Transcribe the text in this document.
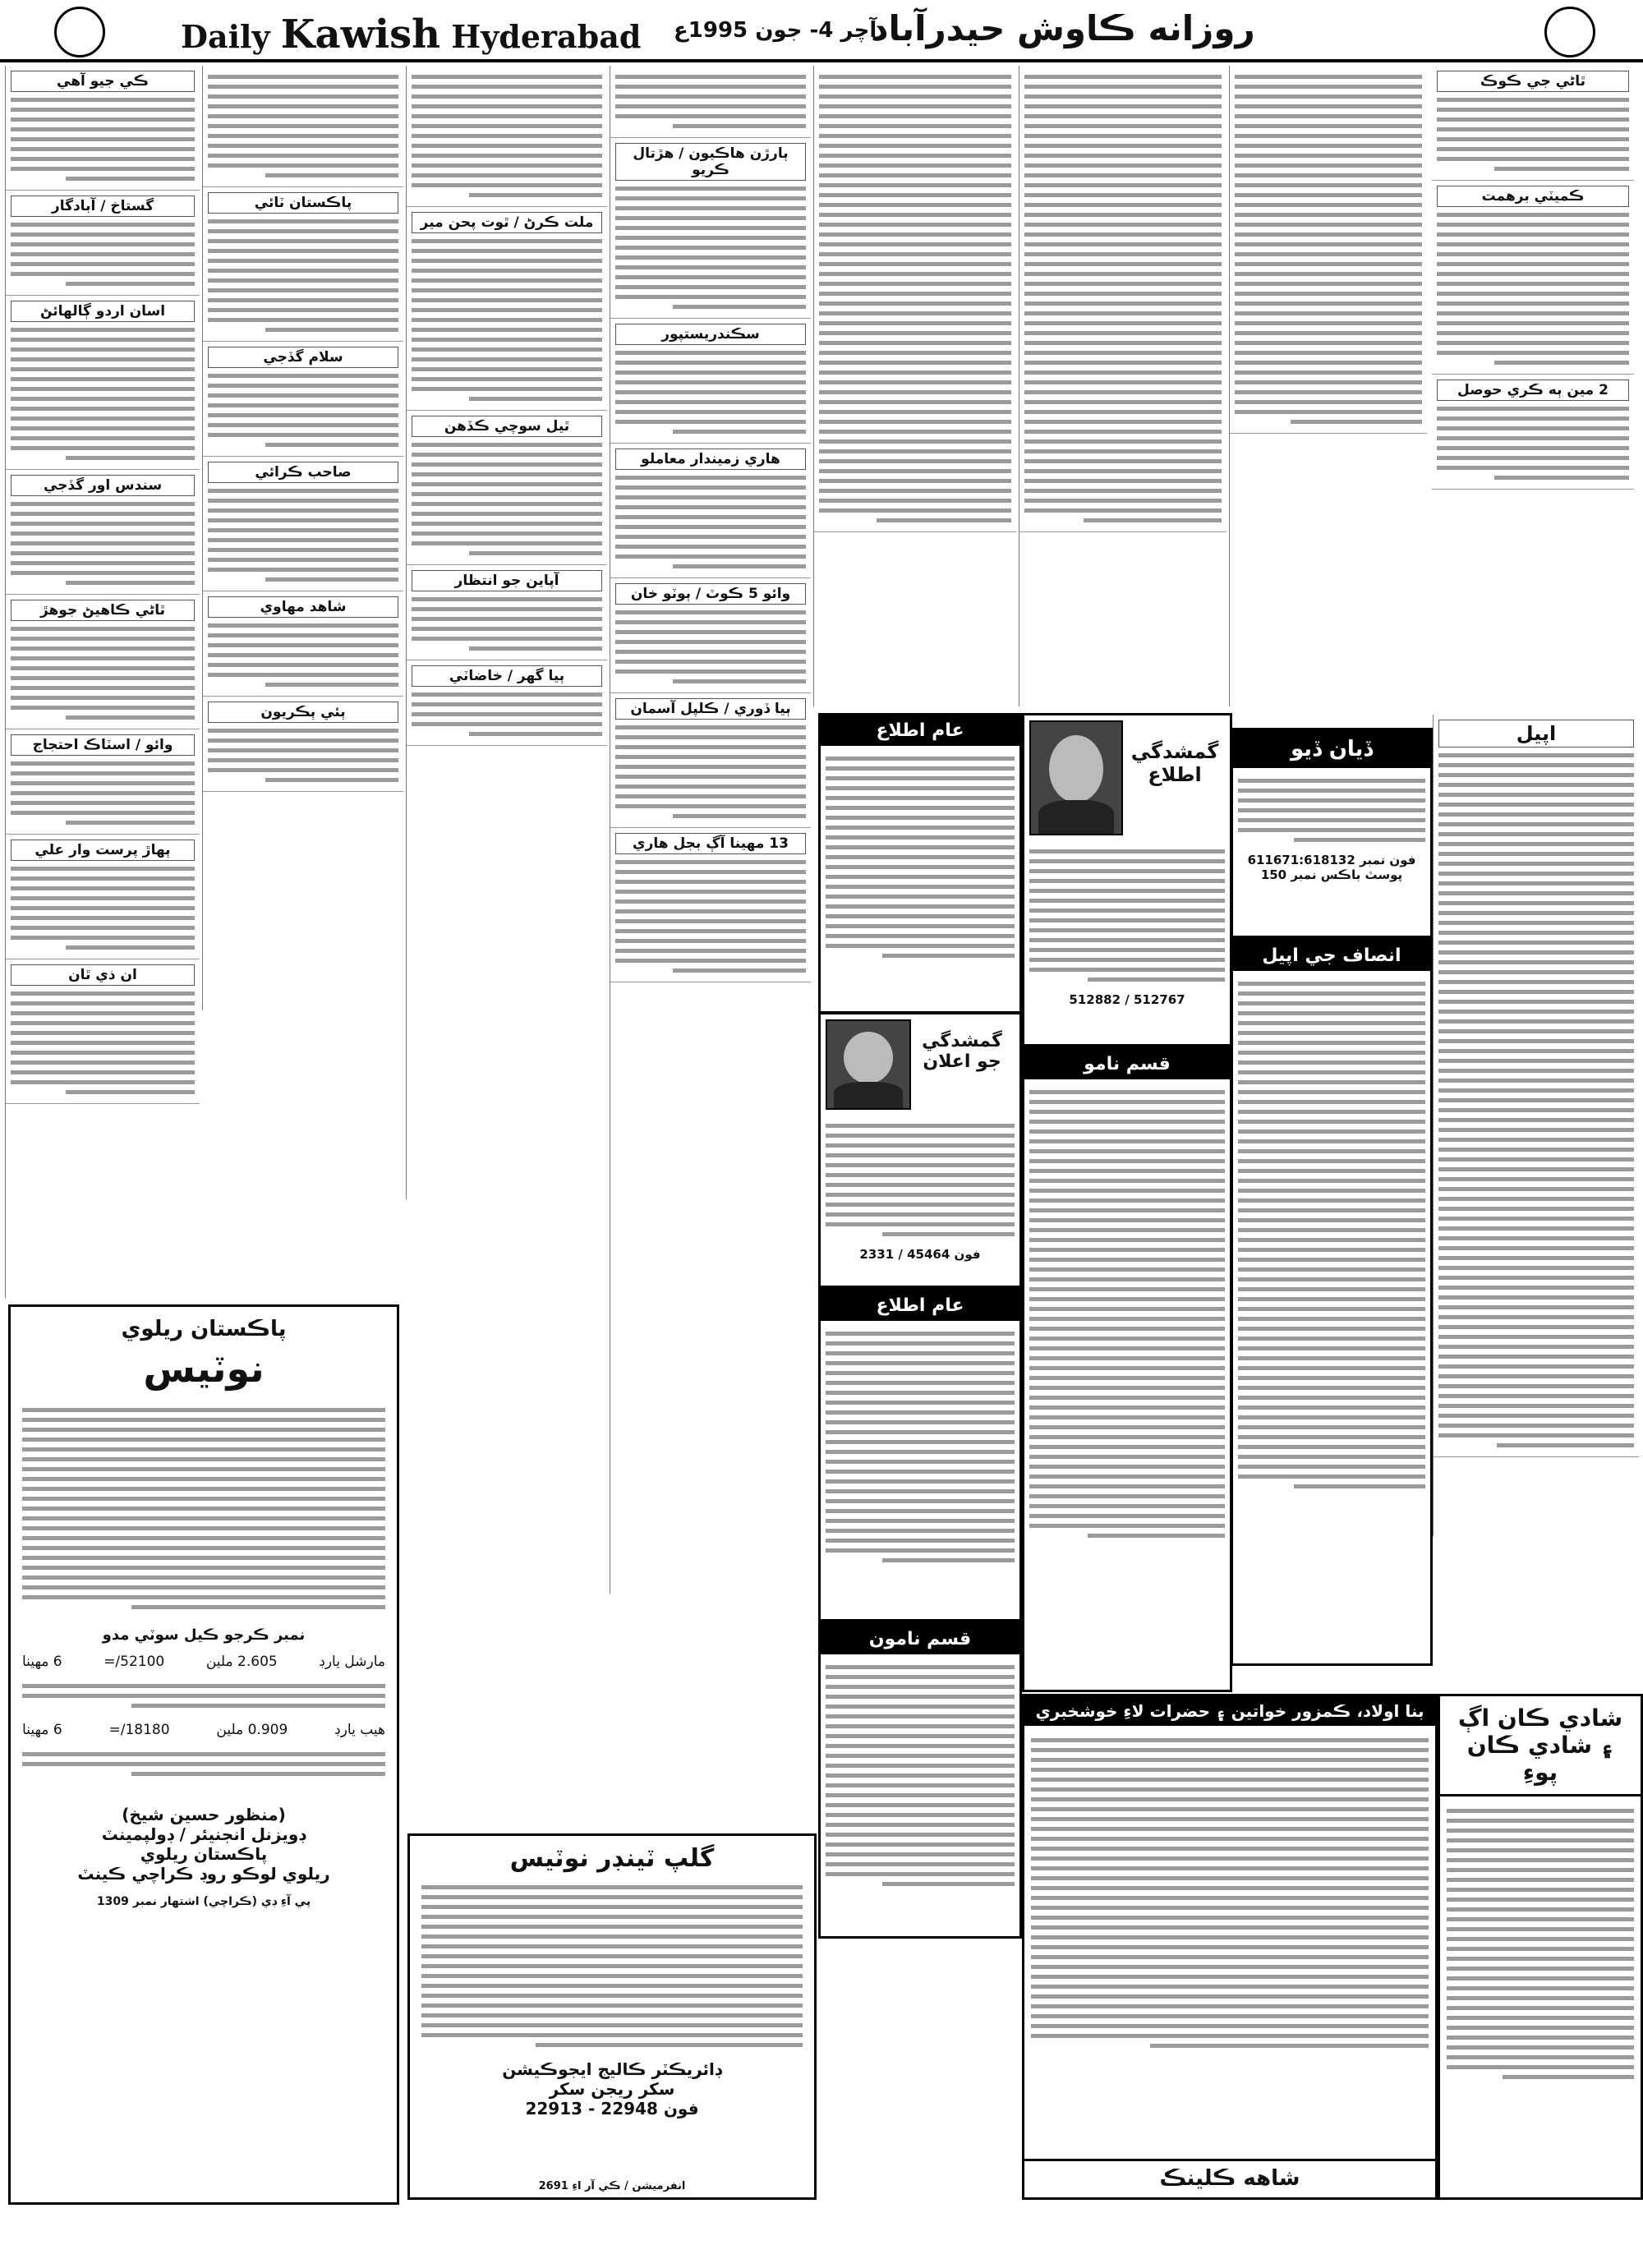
Daily Kawish Hyderabad آچر 4- جون 1995ع
روزانه ڪاوش حيدرآباد
ڪي جيو آهي
گستاخ / آبادگار
اسان اردو ڳالهائڻ
سندس اور گڏجي
ٿاڻي ڪاهيڻ جوهڙ
وائو / اسٽاڪ احتجاج
ٻهاڙ پرست وار علي
ان ذي ٿان
پاڪستان ٽائي
سلام گڏجي
صاحب ڪرائي
شاهد مهاوي
ٻئي ٻڪريون
ملت ڪرڻ / ٿوت پحن مير
ٿيل سوچي ڪڏهن
آپاين جو انتظار
ٻيا گهر / خاضاٽي
ٻارڙن هاڪيون / هڙتال ڪريو
سڪندريستپور
هاري زميندار معاملو
وائو 5 ڪوٽ / ٻوٽو خان
ٻيا ڏوري / ڪلپل آسمان
13 مهينا آڳ بجل هاري
ٿاڻي جي ڪوڪ
ڪميٽي برهمت
2 مين ٻه ڪري حوصل
اپيل
عام اطلاع
گمشدگي جو اعلان
فون 45464 / 2331
عام اطلاع
قسم نامون
گمشدگي اطلاع
512767 / 512882
قسم نامو
ڏيان ڏيو
فون نمبر 611671:618132
پوسٽ باڪس نمبر 150
انصاف جي اپيل
بنا اولاد، ڪمزور خواتين ۽ حضرات لاءِ خوشخبري
شاهه ڪلينڪ
شادي ڪان اڳ ۽ شادي ڪان پوءِ
پاڪستان ريلوي
نوٽيس
نمبر ڪرجو ڪيل سوٽي مدو
مارشل يارڊ
2.605 ملين
52100/=
6 مهينا
هيب يارڊ
0.909 ملين
18180/=
6 مهينا
(منظور حسين شيخ)
ڊويزنل انجنيئر / ڊولپمينٽ
پاڪستان ريلوي
ريلوي لوڪو روڊ ڪراچي ڪينٽ
پي آءِ ڊي (ڪراچي) اشتهار نمبر 1309
گلپ ٽينڊر نوٽيس
ڊائريڪٽر ڪاليج ايجوڪيشن
سکر ريجن سکر
فون 22948 - 22913
انفرميشن / ڪي آر اءِ 2691
